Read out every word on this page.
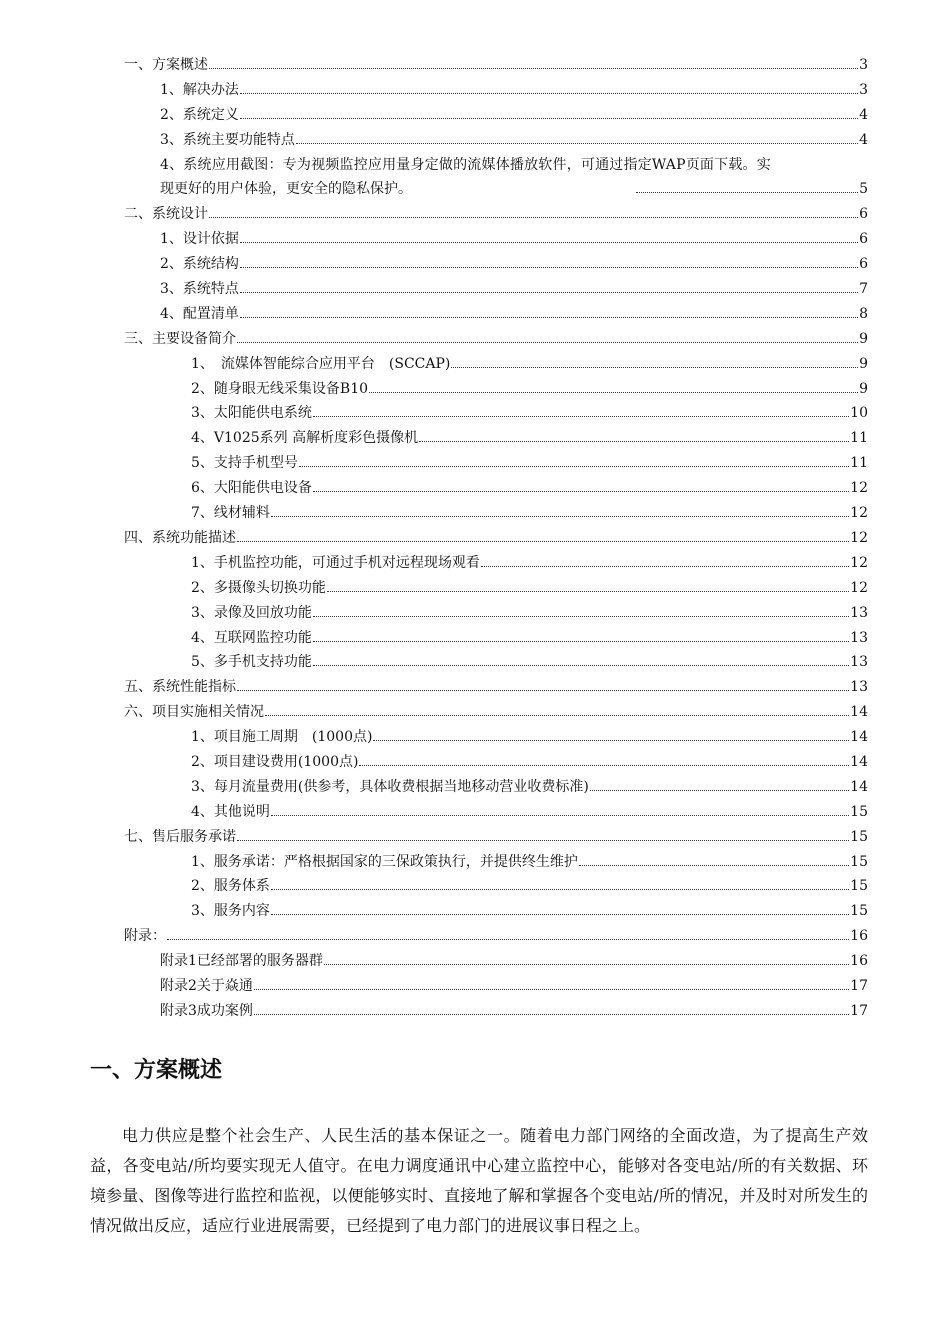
一、方案概述	3
1、解决办法	3
2、系统定义	4
3、系统主要功能特点	4
4、系统应用截图：专为视频监控应用量身定做的流媒体播放软件，可通过指定WAP页面下载。实
现更好的用户体验，更安全的隐私保护。	5
二、系统设计	6
1、设计依据	6
2、系统结构	6
3、系统特点	7
4、配置清单	8
三、主要设备简介	9
1、　流媒体智能综合应用平台　(SCCAP)	9
2、随身眼无线采集设备B10	9
3、太阳能供电系统	10
4、V1025系列 高解析度彩色摄像机	11
5、支持手机型号	11
6、大阳能供电设备	12
7、线材辅料	12
四、系统功能描述	12
1、手机监控功能，可通过手机对远程现场观看	12
2、多摄像头切换功能	12
3、录像及回放功能	13
4、互联网监控功能	13
5、多手机支持功能	13
五、系统性能指标	13
六、项目实施相关情况	14
1、项目施工周期　(1000点)	14
2、项目建设费用(1000点)	14
3、每月流量费用(供参考，具体收费根据当地移动营业收费标准)	14
4、其他说明	15
七、售后服务承诺	15
1、服务承诺：严格根据国家的三保政策执行，并提供终生维护	15
2、服务体系	15
3、服务内容	15
附录：	16
附录1已经部署的服务器群	16
附录2关于焱通	17
附录3成功案例	17
一、方案概述

电力供应是整个社会生产、人民生活的基本保证之一。随着电力部门网络的全面改造，为了提高生产效益，各变电站/所均要实现无人值守。在电力调度通讯中心建立监控中心，能够对各变电站/所的有关数据、环境参量、图像等进行监控和监视，以便能够实时、直接地了解和掌握各个变电站/所的情况，并及时对所发生的情况做出反应，适应行业进展需要，已经提到了电力部门的进展议事日程之上。
